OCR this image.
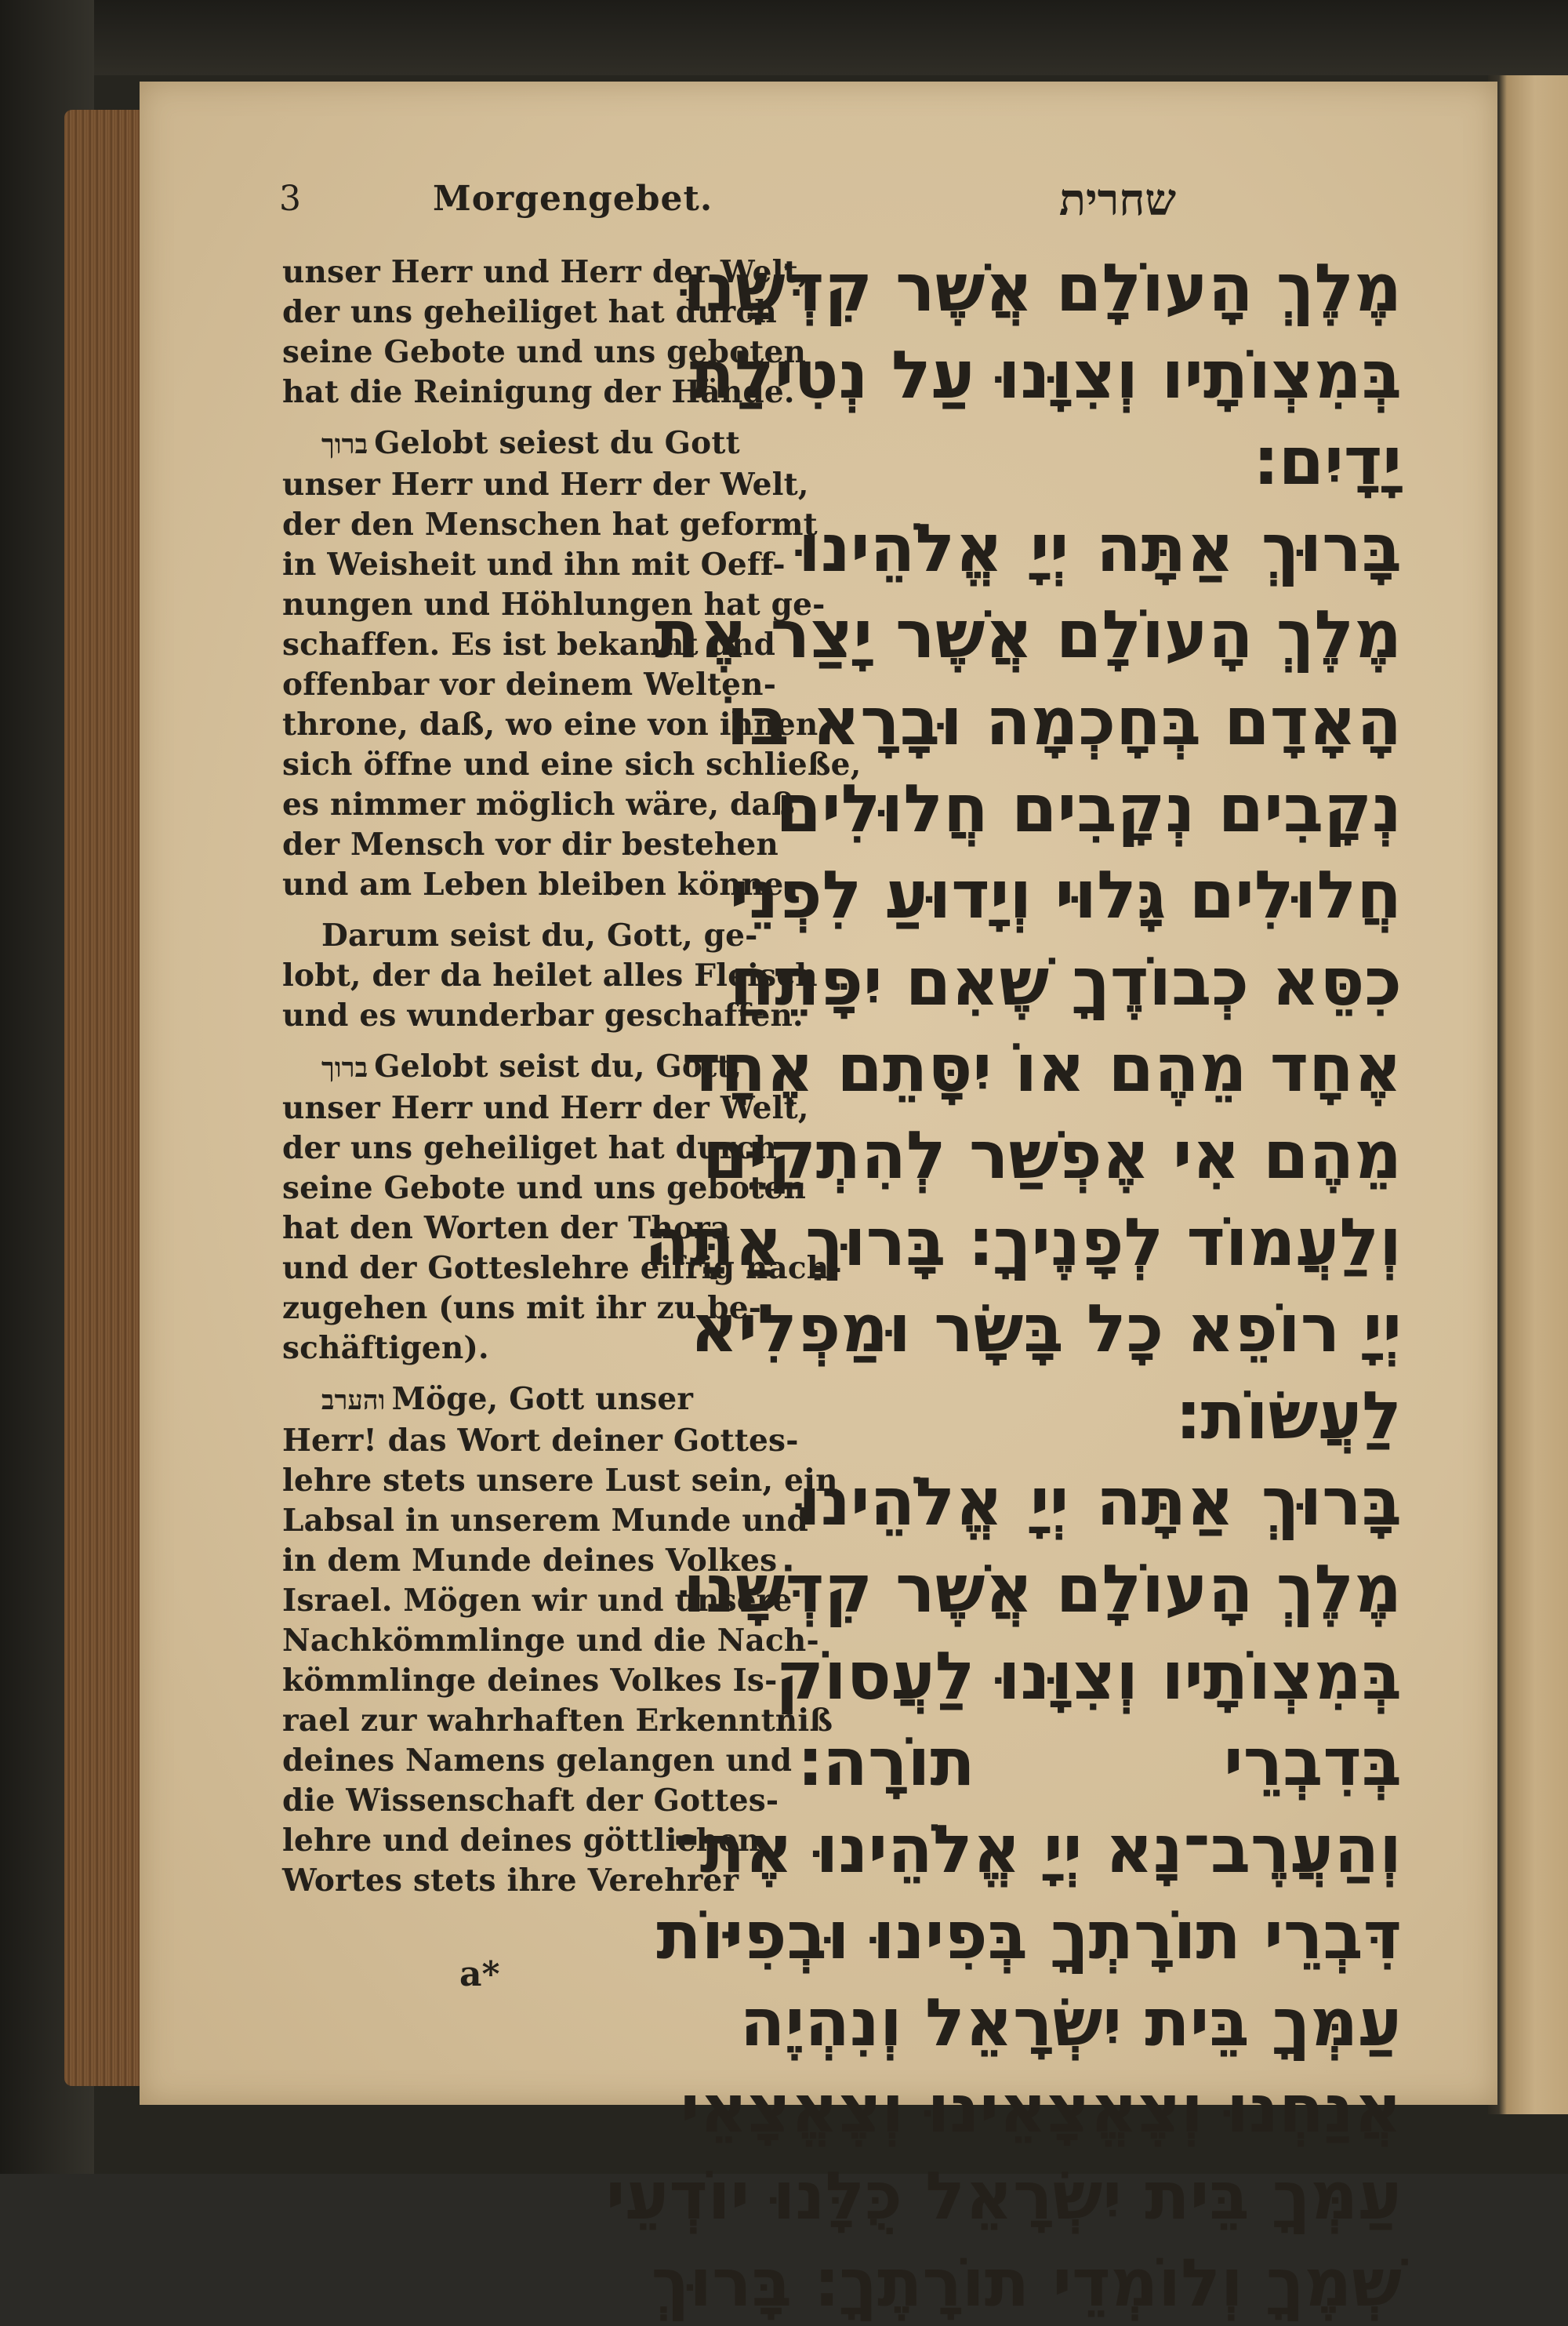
3	Morgengebet.	שחרית
unser Herr und Herr der Welt,
der uns geheiliget hat durch
seine Gebote und uns geboten
hat die Reinigung der Hände.
ברוך Gelobt seiest du Gott
unser Herr und Herr der Welt,
der den Menschen hat geformt
in Weisheit und ihn mit Oeff-
nungen und Höhlungen hat ge-
schaffen. Es ist bekannt und
offenbar vor deinem Welten-
throne, daß, wo eine von ihnen
sich öffne und eine sich schließe,
es nimmer möglich wäre, daß
der Mensch vor dir bestehen
und am Leben bleiben könne.
Darum seist du, Gott, ge-
lobt, der da heilet alles Fleisch
und es wunderbar geschaffen.
ברוך Gelobt seist du, Gott,
unser Herr und Herr der Welt,
der uns geheiliget hat durch
seine Gebote und uns geboten
hat den Worten der Thora
und der Gotteslehre eifrig nach-
zugehen (uns mit ihr zu be-
schäftigen).
והערב Möge, Gott unser
Herr! das Wort deiner Gottes-
lehre stets unsere Lust sein, ein
Labsal in unserem Munde und
in dem Munde deines Volkes
Israel. Mögen wir und unsere
Nachkömmlinge und die Nach-
kömmlinge deines Volkes Is-
rael zur wahrhaften Erkenntniß
deines Namens gelangen und
die Wissenschaft der Gottes-
lehre und deines göttlichen
Wortes stets ihre Verehrer
מֶלֶךְ הָעוֹלָם אֲשֶׁר קִדְּשָׁנוּ
בְּמִצְוֹתָיו וְצִוָּנוּ עַל נְטִילַת
יָדָיִם׃
בָּרוּךְ אַתָּה יְיָ אֱלֹהֵינוּ
מֶלֶךְ הָעוֹלָם אֲשֶׁר יָצַר אֶת
הָאָדָם בְּחָכְמָה וּבָרָא בוֹ
נְקָבִים נְקָבִים חֲלוּלִים
חֲלוּלִים גָּלוּי וְיָדוּעַ לִפְנֵי
כִסֵּא כְבוֹדֶךָ שֶׁאִם יִפָּתֵחַ
אֶחָד מֵהֶם אוֹ יִסָּתֵם אֶחָד
מֵהֶם אִי אֶפְשַׁר לְהִתְקַיֵּם
וְלַעֲמוֹד לְפָנֶיךָ׃ בָּרוּךְ אַתָּה
יְיָ רוֹפֵא כָל בָּשָׂר וּמַפְלִיא
לַעֲשׂוֹת׃
בָּרוּךְ אַתָּה יְיָ אֱלֹהֵינוּ
מֶלֶךְ הָעוֹלָם אֲשֶׁר קִדְּשָׁנוּ
בְּמִצְוֹתָיו וְצִוָּנוּ לַעֲסוֹק
בְּדִבְרֵי תוֹרָה׃
וְהַעֲרֶב־נָא יְיָ אֱלֹהֵינוּ אֶת־
דִּבְרֵי תוֹרָתְךָ בְּפִינוּ וּבְפִיּוֹת
עַמְּךָ בֵּית יִשְׂרָאֵל וְנִהְיֶה
אֲנַחְנוּ וְצֶאֱצָאֵינוּ וְצֶאֱצָאֵי
עַמְּךָ בֵּית יִשְׂרָאֵל כֻּלָּנוּ יוֹדְעֵי
שְׁמֶךָ וְלוֹמְדֵי תוֹרָתֶךָ׃ בָּרוּךְ
a*
